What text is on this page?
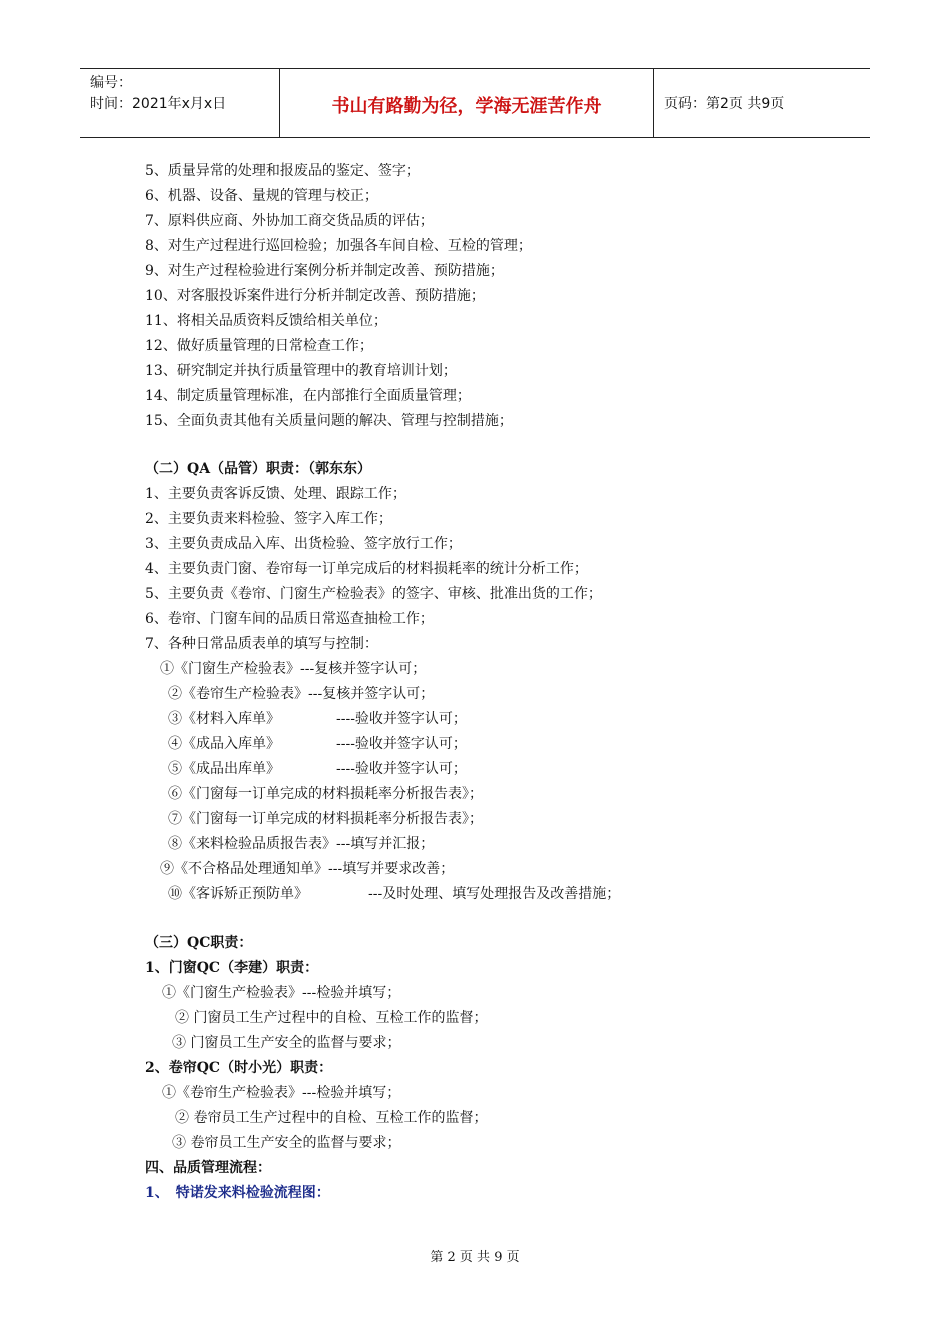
编号：
时间：2021年x月x日	书山有路勤为径，学海无涯苦作舟	页码：第2页 共9页
5、质量异常的处理和报废品的鉴定、签字；
6、机器、设备、量规的管理与校正；
7、原料供应商、外协加工商交货品质的评估；
8、对生产过程进行巡回检验；加强各车间自检、互检的管理；
9、对生产过程检验进行案例分析并制定改善、预防措施；
10、对客服投诉案件进行分析并制定改善、预防措施；
11、将相关品质资料反馈给相关单位；
12、做好质量管理的日常检查工作；
13、研究制定并执行质量管理中的教育培训计划；
14、制定质量管理标准，在内部推行全面质量管理；
15、全面负责其他有关质量问题的解决、管理与控制措施；
（二）QA（品管）职责：（郭东东）
1、主要负责客诉反馈、处理、跟踪工作；
2、主要负责来料检验、签字入库工作；
3、主要负责成品入库、出货检验、签字放行工作；
4、主要负责门窗、卷帘每一订单完成后的材料损耗率的统计分析工作；
5、主要负责《卷帘、门窗生产检验表》的签字、审核、批准出货的工作；
6、卷帘、门窗车间的品质日常巡查抽检工作；
7、各种日常品质表单的填写与控制：
①《门窗生产检验表》---复核并签字认可；
②《卷帘生产检验表》---复核并签字认可；
③《材料入库单》	----验收并签字认可；
④《成品入库单》	----验收并签字认可；
⑤《成品出库单》	----验收并签字认可；
⑥《门窗每一订单完成的材料损耗率分析报告表》；
⑦《门窗每一订单完成的材料损耗率分析报告表》；
⑧《来料检验品质报告表》---填写并汇报；
⑨《不合格品处理通知单》---填写并要求改善；
⑩《客诉矫正预防单》	---及时处理、填写处理报告及改善措施；
（三）QC职责：
1、门窗QC（李建）职责：
①《门窗生产检验表》---检验并填写；
② 门窗员工生产过程中的自检、互检工作的监督；
③ 门窗员工生产安全的监督与要求；
2、卷帘QC（时小光）职责：
①《卷帘生产检验表》---检验并填写；
② 卷帘员工生产过程中的自检、互检工作的监督；
③ 卷帘员工生产安全的监督与要求；
四、品质管理流程：
1、　特诺发来料检验流程图：
第 2 页 共 9 页
